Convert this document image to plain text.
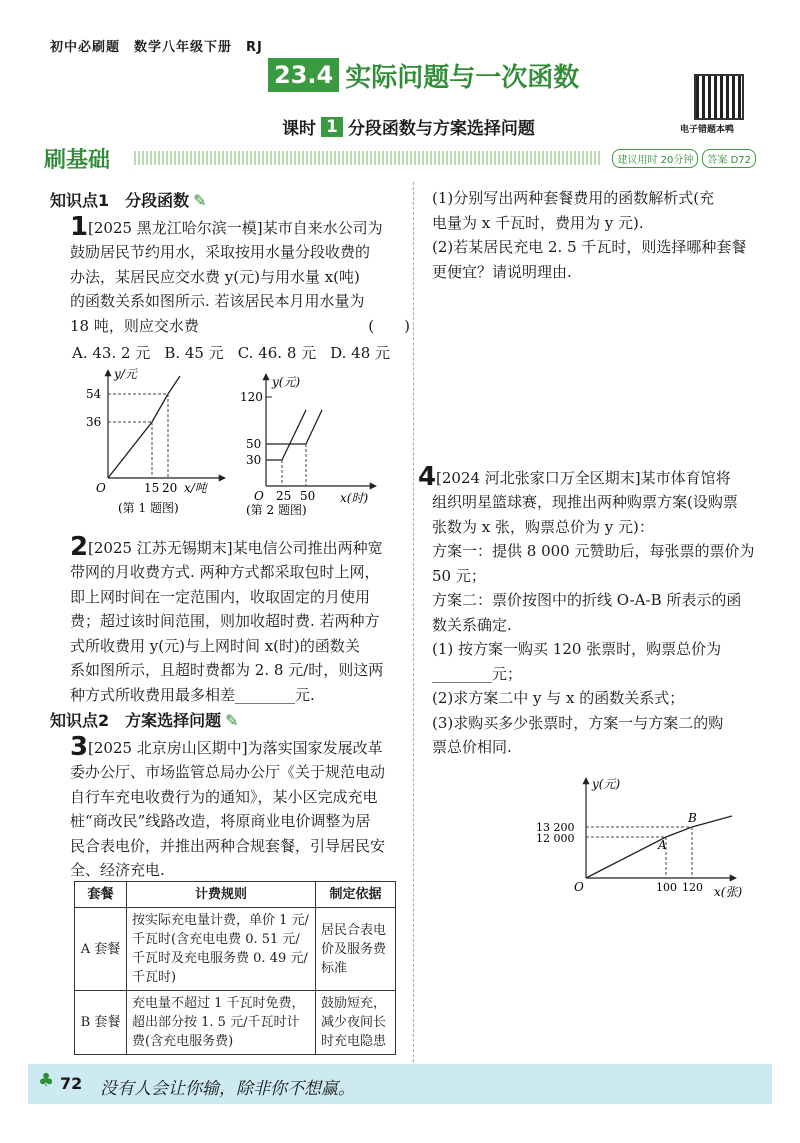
初中必刷题　数学八年级下册　RJ
23.4 实际问题与一次函数
课时 1 分段函数与方案选择问题	电子错题本鸭
刷基础	建议用时 20分钟	答案 D72
知识点1　分段函数 ✎
1 [2025 黑龙江哈尔滨一模]某市自来水公司为
鼓励居民节约用水，采取按用水量分段收费的
办法，某居民应交水费 y(元)与用水量 x(吨)
的函数关系如图所示. 若该居民本月用水量为
18 吨，则应交水费	(　　)
A. 43. 2 元 B. 45 元 C. 46. 8 元 D. 48 元
y/元
54
36
O	15 20 x/吨
(第 1 题图)
y(元)
120
50
30
O 25 50 x(时)
(第 2 题图)
2 [2025 江苏无锡期末]某电信公司推出两种宽
带网的月收费方式. 两种方式都采取包时上网，
即上网时间在一定范围内，收取固定的月使用
费；超过该时间范围，则加收超时费. 若两种方
式所收费用 y(元)与上网时间 x(时)的函数关
系如图所示，且超时费都为 2. 8 元/时，则这两
种方式所收费用最多相差________元.
知识点2　方案选择问题 ✎
3 [2025 北京房山区期中]为落实国家发展改革
委办公厅、市场监管总局办公厅《关于规范电动
自行车充电收费行为的通知》，某小区完成充电
桩“商改民”线路改造，将原商业电价调整为居
民合表电价，并推出两种合规套餐，引导居民安
全、经济充电.
套餐	计费规则	制定依据
A 套餐	按实际充电量计费，单价 1 元/千瓦时(含充电电费 0. 51 元/千瓦时及充电服务费 0. 49 元/千瓦时)	居民合表电价及服务费标准
B 套餐	充电量不超过 1 千瓦时免费，超出部分按 1. 5 元/千瓦时计费(含充电服务费)	鼓励短充，减少夜间长时充电隐患
(1)分别写出两种套餐费用的函数解析式(充
电量为 x 千瓦时，费用为 y 元).
(2)若某居民充电 2. 5 千瓦时，则选择哪种套餐
更便宜？请说明理由.
4 [2024 河北张家口万全区期末]某市体育馆将
组织明星篮球赛，现推出两种购票方案(设购票
张数为 x 张，购票总价为 y 元)：
方案一：提供 8 000 元赞助后，每张票的票价为
50 元；
方案二：票价按图中的折线 O-A-B 所表示的函
数关系确定.
(1) 按方案一购买 120 张票时，购票总价为
________元；
(2)求方案二中 y 与 x 的函数关系式；
(3)求购买多少张票时，方案一与方案二的购
票总价相同.
y(元)
13 200
12 000
O	100 120 x(张)
A
B
♣ 72 没有人会让你输，除非你不想赢。
